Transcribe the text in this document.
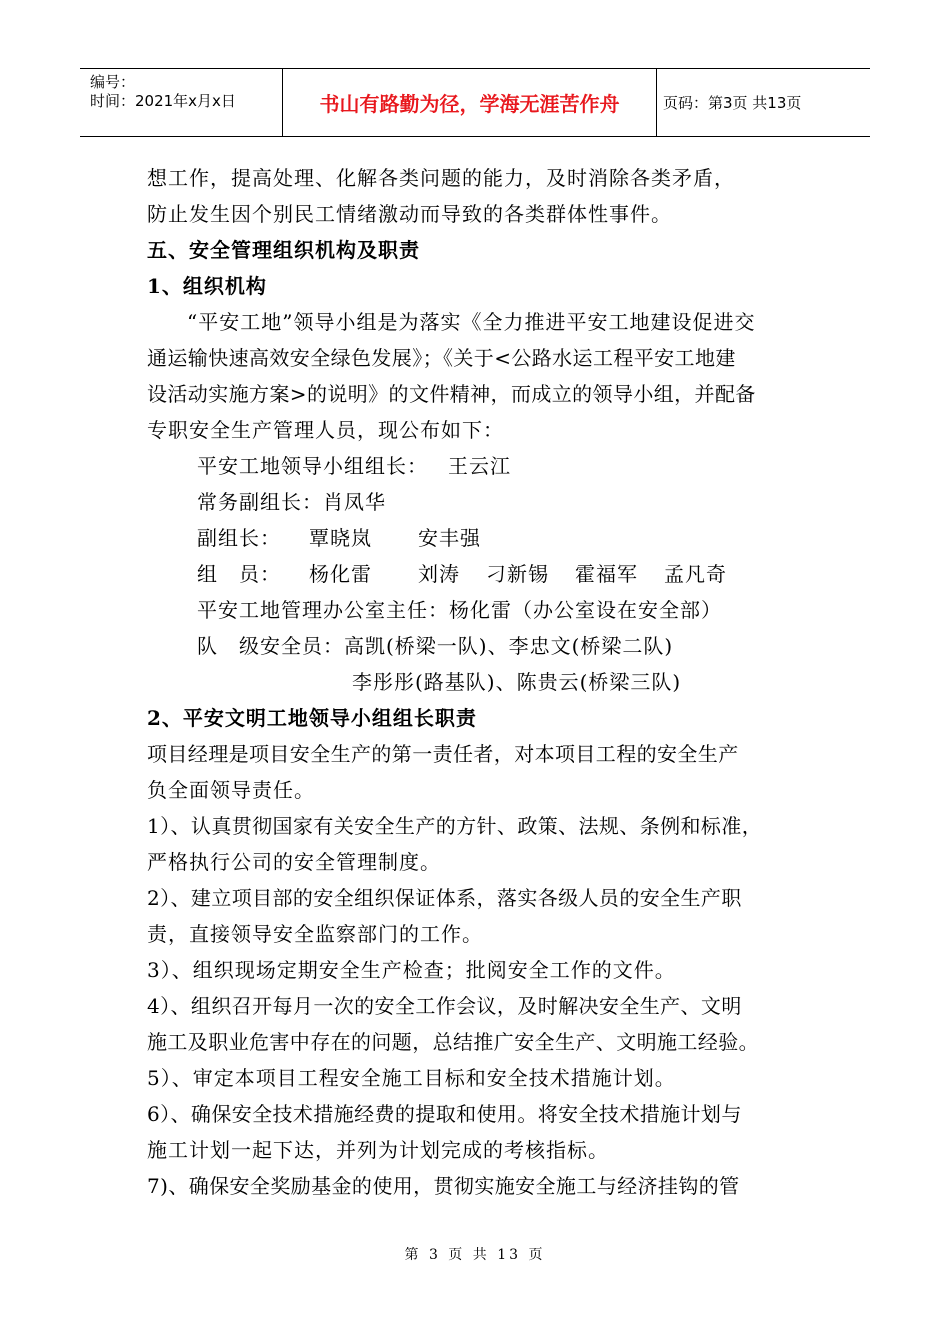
编号：
时间：2021年x月x日	书山有路勤为径，学海无涯苦作舟	页码：第3页 共13页
想工作，提高处理、化解各类问题的能力，及时消除各类矛盾，
防止发生因个别民工情绪激动而导致的各类群体性事件。
五、安全管理组织机构及职责
1、组织机构
“平安工地”领导小组是为落实《全力推进平安工地建设促进交
通运输快速高效安全绿色发展》；《关于<公路水运工程平安工地建
设活动实施方案>的说明》的文件精神，而成立的领导小组，并配备
专职安全生产管理人员，现公布如下：
平安工地领导小组组长： 王云江
常务副组长：肖凤华
副组长： 覃晓岚 安丰强
组　员： 杨化雷 刘涛 刁新锡 霍福军 孟凡奇
平安工地管理办公室主任：杨化雷（办公室设在安全部）
队　级安全员：高凯(桥梁一队)、李忠文(桥梁二队)
李彤彤(路基队)、陈贵云(桥梁三队)
2、平安文明工地领导小组组长职责
项目经理是项目安全生产的第一责任者，对本项目工程的安全生产
负全面领导责任。
1）、认真贯彻国家有关安全生产的方针、政策、法规、条例和标准，
严格执行公司的安全管理制度。
2）、建立项目部的安全组织保证体系，落实各级人员的安全生产职
责，直接领导安全监察部门的工作。
3）、组织现场定期安全生产检查；批阅安全工作的文件。
4）、组织召开每月一次的安全工作会议，及时解决安全生产、文明
施工及职业危害中存在的问题，总结推广安全生产、文明施工经验。
5）、审定本项目工程安全施工目标和安全技术措施计划。
6）、确保安全技术措施经费的提取和使用。将安全技术措施计划与
施工计划一起下达，并列为计划完成的考核指标。
7)、确保安全奖励基金的使用，贯彻实施安全施工与经济挂钩的管
第 3 页 共 13 页
